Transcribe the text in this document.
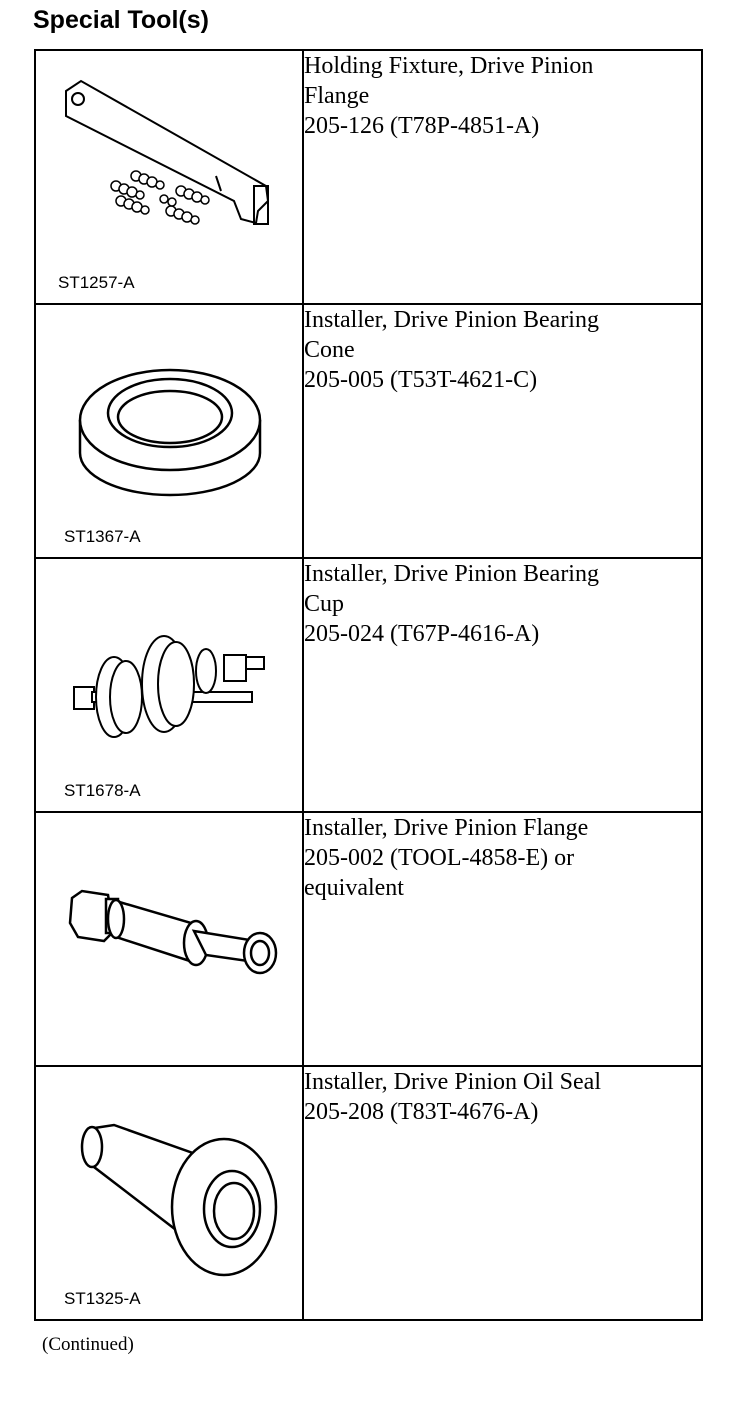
Special Tool(s)
ST1257-A	Holding Fixture, Drive Pinion
Flange
205-126 (T78P-4851-A)

ST1367-A	Installer, Drive Pinion Bearing
Cone
205-005 (T53T-4621-C)

ST1678-A	Installer, Drive Pinion Bearing
Cup
205-024 (T67P-4616-A)

Installer, Drive Pinion Flange
205-002 (TOOL-4858-E) or
equivalent

ST1325-A	Installer, Drive Pinion Oil Seal
205-208 (T83T-4676-A)
(Continued)
